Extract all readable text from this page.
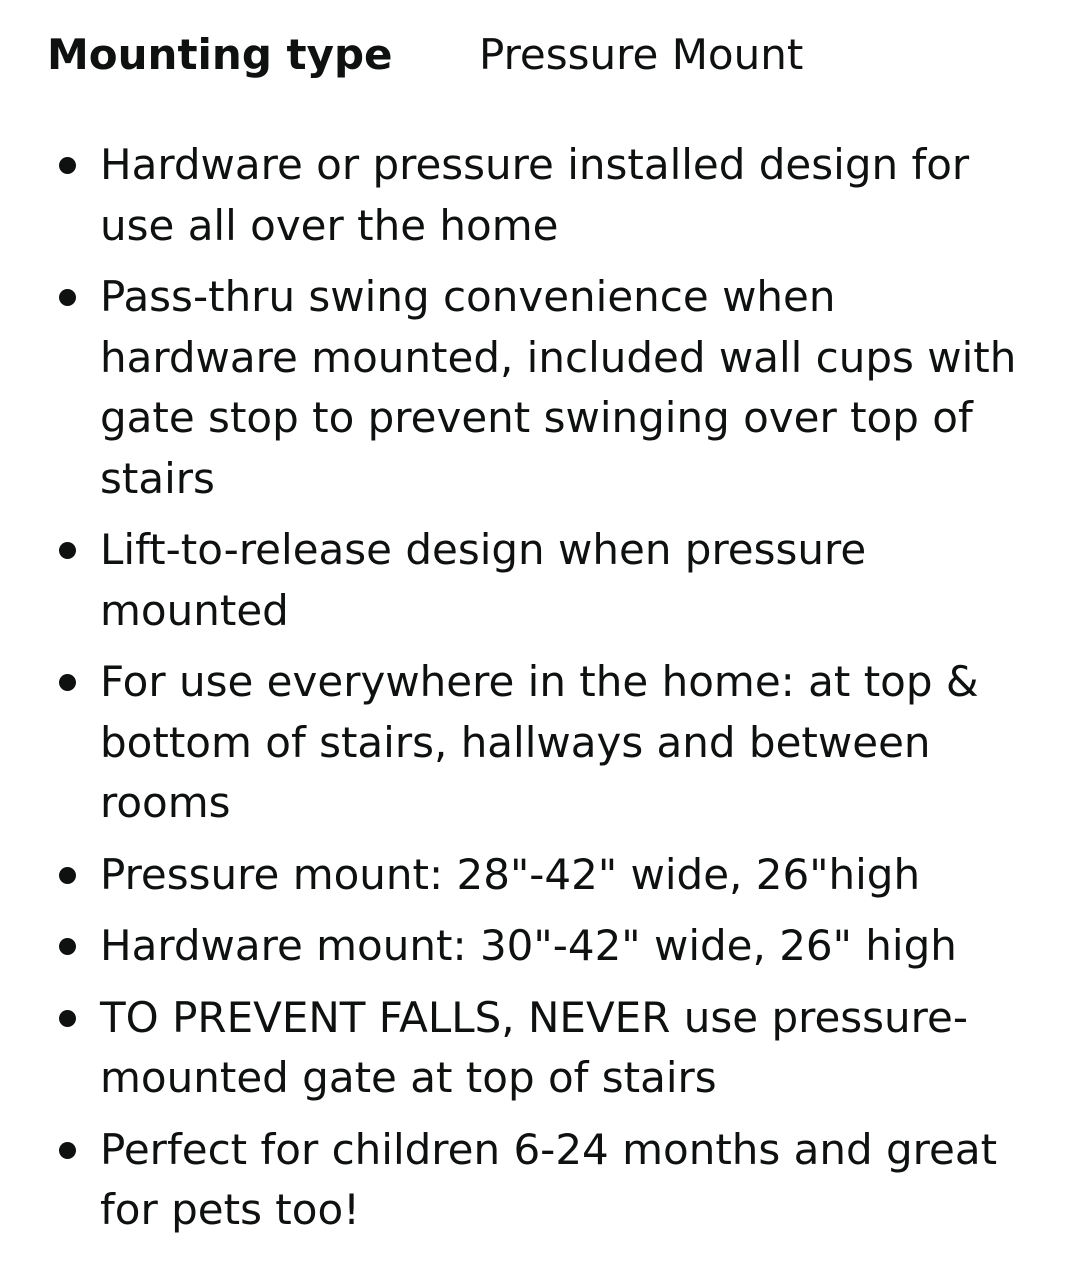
Mounting type	Pressure Mount
Hardware or pressure installed design for use all over the home
Pass-thru swing convenience when hardware mounted, included wall cups with gate stop to prevent swinging over top of stairs
Lift-to-release design when pressure mounted
For use everywhere in the home: at top & bottom of stairs, hallways and between rooms
Pressure mount: 28"-42" wide, 26"high
Hardware mount: 30"-42" wide, 26" high
TO PREVENT FALLS, NEVER use pressure-mounted gate at top of stairs
Perfect for children 6-24 months and great for pets too!
